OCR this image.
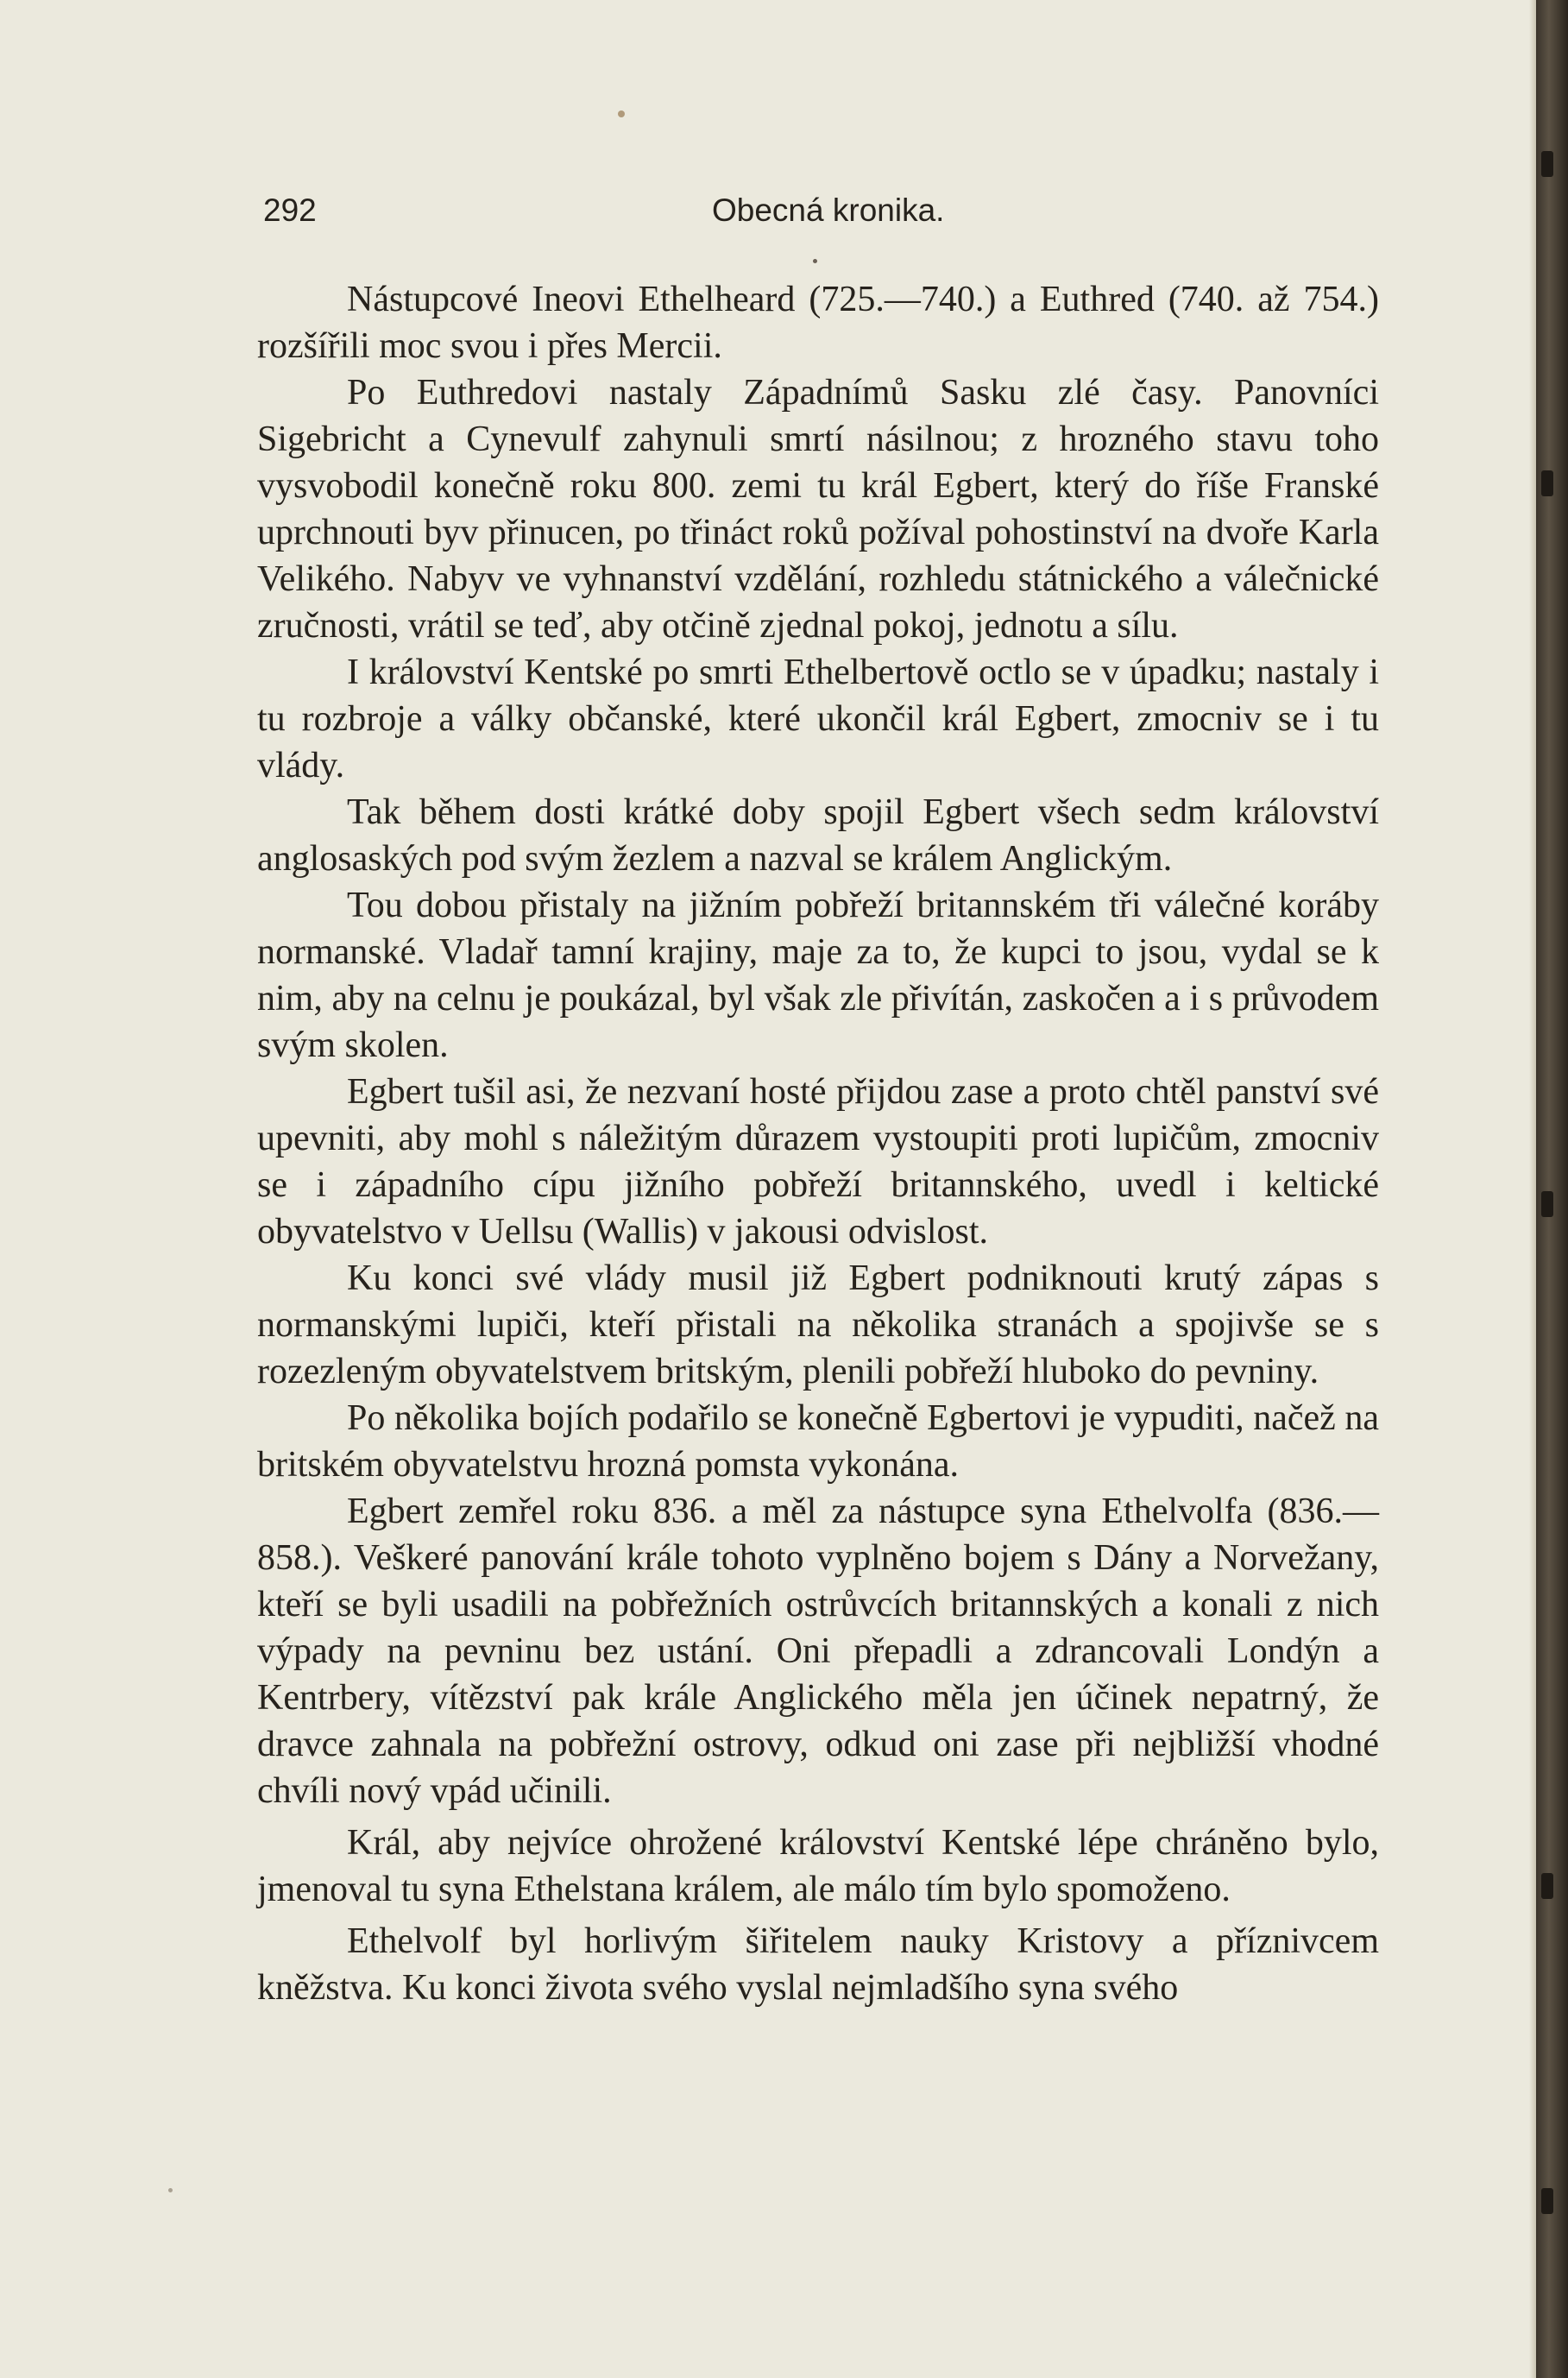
292	Obecná kronika.

Nástupcové Ineovi Ethelheard (725.—740.) a Euthred (740. až 754.) rozšířili moc svou i přes Mercii.

Po Euthredovi nastaly Západnímů Sasku zlé časy. Panovníci Sigebricht a Cynevulf zahynuli smrtí násilnou; z hrozného stavu toho vysvobodil konečně roku 800. zemi tu král Egbert, který do říše Franské uprchnouti byv přinucen, po třináct roků požíval pohostinství na dvoře Karla Velikého. Nabyv ve vyhnanství vzdělání, rozhledu státnického a válečnické zručnosti, vrátil se teď, aby otčině zjednal pokoj, jednotu a sílu.

I království Kentské po smrti Ethelbertově octlo se v úpadku; nastaly i tu rozbroje a války občanské, které ukončil král Egbert, zmocniv se i tu vlády.

Tak během dosti krátké doby spojil Egbert všech sedm království anglosaských pod svým žezlem a nazval se králem Anglickým.

Tou dobou přistaly na jižním pobřeží britannském tři válečné koráby normanské. Vladař tamní krajiny, maje za to, že kupci to jsou, vydal se k nim, aby na celnu je poukázal, byl však zle přivítán, zaskočen a i s průvodem svým skolen.

Egbert tušil asi, že nezvaní hosté přijdou zase a proto chtěl panství své upevniti, aby mohl s náležitým důrazem vystoupiti proti lupičům, zmocniv se i západního cípu jižního pobřeží britannského, uvedl i keltické obyvatelstvo v Uellsu (Wallis) v jakousi odvislost.

Ku konci své vlády musil již Egbert podniknouti krutý zápas s normanskými lupiči, kteří přistali na několika stranách a spojivše se s rozezleným obyvatelstvem britským, plenili pobřeží hluboko do pevniny.

Po několika bojích podařilo se konečně Egbertovi je vypuditi, načež na britském obyvatelstvu hrozná pomsta vykonána.

Egbert zemřel roku 836. a měl za nástupce syna Ethelvolfa (836.—858.). Veškeré panování krále tohoto vyplněno bojem s Dány a Norvežany, kteří se byli usadili na pobřežních ostrůvcích britannských a konali z nich výpady na pevninu bez ustání. Oni přepadli a zdrancovali Londýn a Kentrbery, vítězství pak krále Anglického měla jen účinek nepatrný, že dravce zahnala na pobřežní ostrovy, odkud oni zase při nejbližší vhodné chvíli nový vpád učinili.

Král, aby nejvíce ohrožené království Kentské lépe chráněno bylo, jmenoval tu syna Ethelstana králem, ale málo tím bylo spomoženo.

Ethelvolf byl horlivým šiřitelem nauky Kristovy a příznivcem kněžstva. Ku konci života svého vyslal nejmladšího syna svého
